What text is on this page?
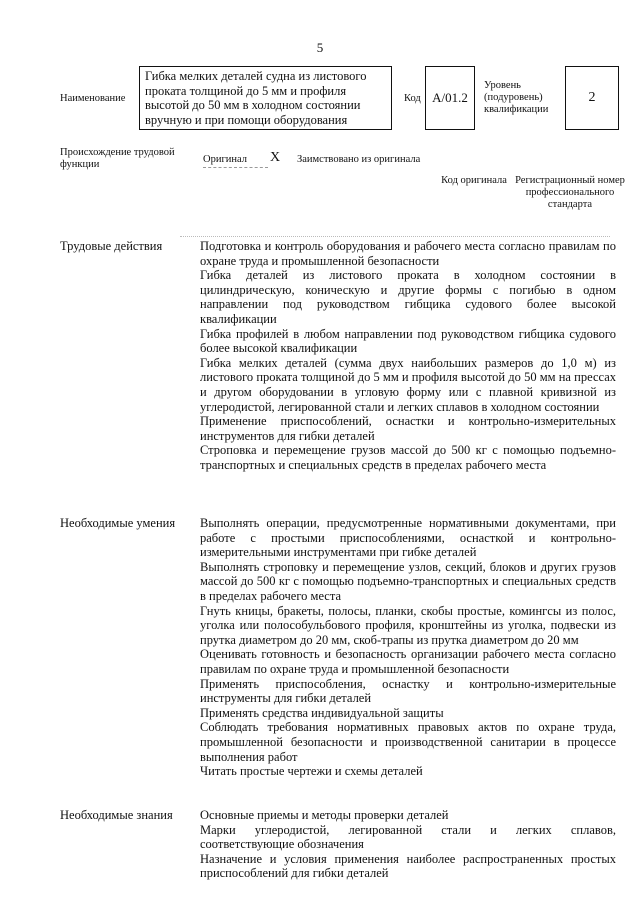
5
Наименование
Гибка мелких деталей судна из листового проката толщиной до 5 мм и профиля высотой до 50 мм в холодном состоянии вручную и при помощи оборудования
Код A/01.2
Уровень (подуровень) квалификации
2
Происхождение трудовой функции	Оригинал X Заимствовано из оригинала
Код оригинала Регистрационный номер профессионального стандарта
Трудовые действия	Подготовка и контроль оборудования и рабочего места согласно правилам по охране труда и промышленной безопасности

Гибка деталей из листового проката в холодном состоянии в цилиндрическую, коническую и другие формы с погибью в одном направлении под руководством гибщика судового более высокой квалификации

Гибка профилей в любом направлении под руководством гибщика судового более высокой квалификации

Гибка мелких деталей (сумма двух наибольших размеров до 1,0 м) из листового проката толщиной до 5 мм и профиля высотой до 50 мм на прессах и другом оборудовании в угловую форму или с плавной кривизной из углеродистой, легированной стали и легких сплавов в холодном состоянии

Применение приспособлений, оснастки и контрольно-измерительных инструментов для гибки деталей

Строповка и перемещение грузов массой до 500 кг с помощью подъемно-транспортных и специальных средств в пределах рабочего места

Необходимые умения Выполнять операции, предусмотренные нормативными документами, при работе с простыми приспособлениями, оснасткой и контрольно-измерительными инструментами при гибке деталей

Выполнять строповку и перемещение узлов, секций, блоков и других грузов массой до 500 кг с помощью подъемно-транспортных и специальных средств в пределах рабочего места

Гнуть кницы, бракеты, полосы, планки, скобы простые, комингсы из полос, уголка или полособульбового профиля, кронштейны из уголка, подвески из прутка диаметром до 20 мм, скоб-трапы из прутка диаметром до 20 мм

Оценивать готовность и безопасность организации рабочего места согласно правилам по охране труда и промышленной безопасности

Применять приспособления, оснастку и контрольно-измерительные инструменты для гибки деталей

Применять средства индивидуальной защиты

Соблюдать требования нормативных правовых актов по охране труда, промышленной безопасности и производственной санитарии в процессе выполнения работ

Читать простые чертежи и схемы деталей

Необходимые знания Основные приемы и методы проверки деталей

Марки углеродистой, легированной стали и легких сплавов, соответствующие обозначения

Назначение и условия применения наиболее распространенных простых приспособлений для гибки деталей
